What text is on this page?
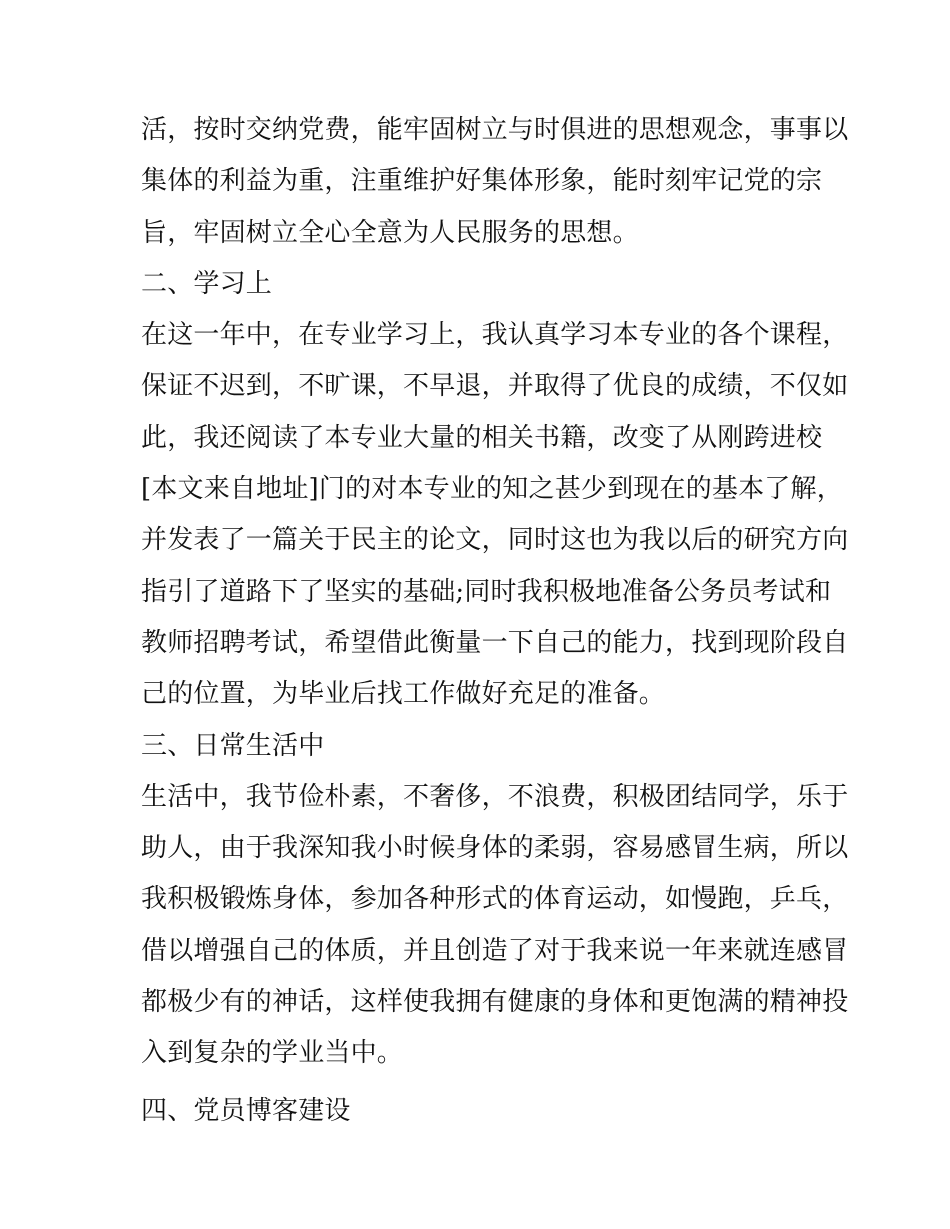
活，按时交纳党费，能牢固树立与时俱进的思想观念，事事以
集体的利益为重，注重维护好集体形象，能时刻牢记党的宗
旨，牢固树立全心全意为人民服务的思想。
二、学习上
在这一年中，在专业学习上，我认真学习本专业的各个课程，
保证不迟到，不旷课，不早退，并取得了优良的成绩，不仅如
此，我还阅读了本专业大量的相关书籍，改变了从刚跨进校
[本文来自地址]门的对本专业的知之甚少到现在的基本了解，
并发表了一篇关于民主的论文，同时这也为我以后的研究方向
指引了道路下了坚实的基础;同时我积极地准备公务员考试和
教师招聘考试，希望借此衡量一下自己的能力，找到现阶段自
己的位置，为毕业后找工作做好充足的准备。
三、日常生活中
生活中，我节俭朴素，不奢侈，不浪费，积极团结同学，乐于
助人，由于我深知我小时候身体的柔弱，容易感冒生病，所以
我积极锻炼身体，参加各种形式的体育运动，如慢跑，乒乓，
借以增强自己的体质，并且创造了对于我来说一年来就连感冒
都极少有的神话，这样使我拥有健康的身体和更饱满的精神投
入到复杂的学业当中。
四、党员博客建设
